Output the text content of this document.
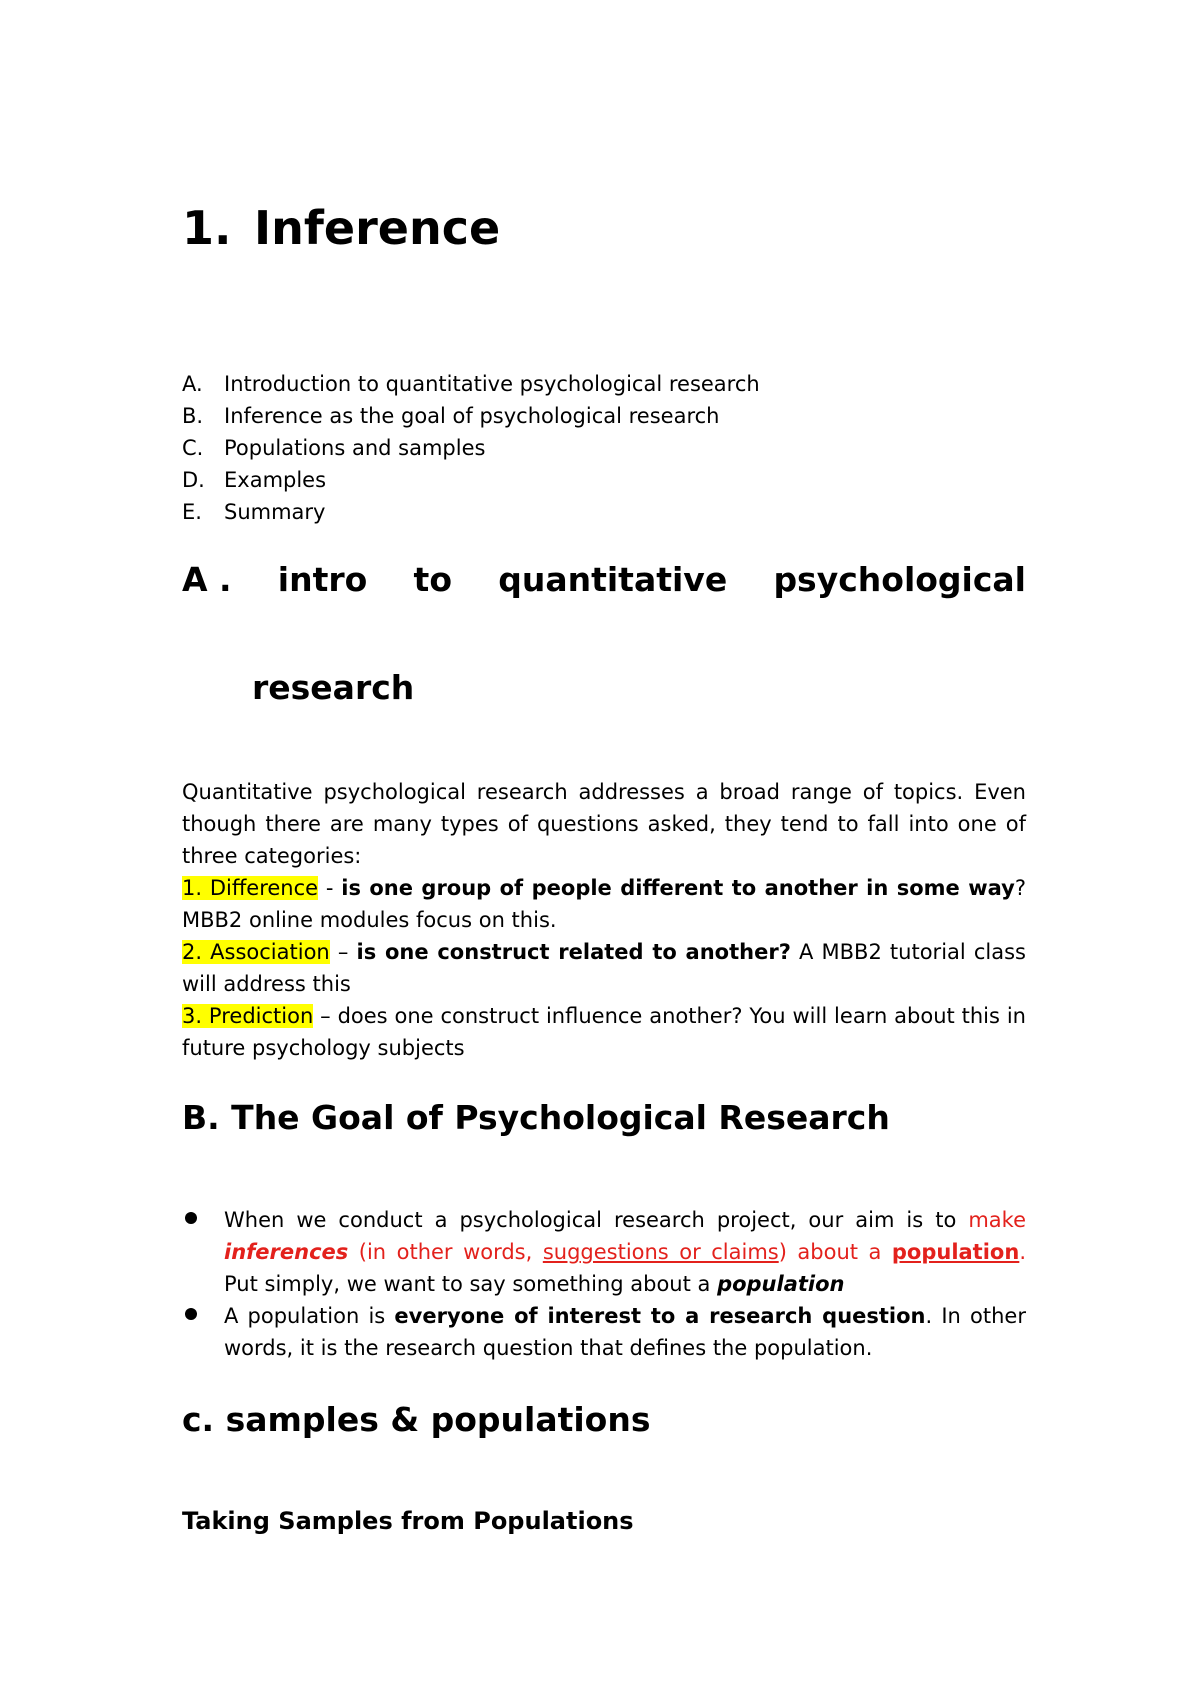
1. Inference
A. Introduction to quantitative psychological research
B. Inference as the goal of psychological research
C. Populations and samples
D. Examples
E. Summary
A . intro to quantitative psychological
research

Quantitative psychological research addresses a broad range of topics. Even though there are many types of questions asked, they tend to fall into one of three categories:

1. Difference - is one group of people different to another in some way? MBB2 online modules focus on this.

2. Association – is one construct related to another? A MBB2 tutorial class will address this

3. Prediction – does one construct influence another? You will learn about this in future psychology subjects

B. The Goal of Psychological Research
When we conduct a psychological research project, our aim is to make inferences (in other words, suggestions or claims) about a population. Put simply, we want to say something about a population
A population is everyone of interest to a research question. In other words, it is the research question that defines the population.
c. samples & populations
Taking Samples from Populations
